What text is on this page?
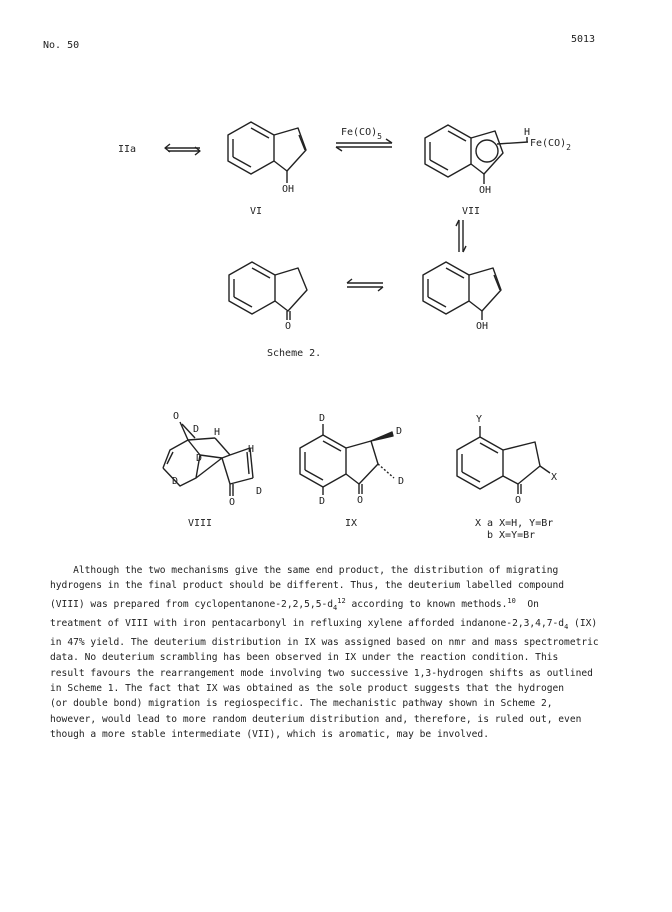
No. 50
5013
IIa
OH
VI
$Fe(CO)_5$	H
$Fe(CO)_2$
OH
VII
O	OH
Scheme 2.
O
D H
H
D
D
O
D
VIII
D
D
D
D	O
IX
Y
X
O
X a X=H, Y=Br
b X=Y=Br
Although the two mechanisms give the same end product, the distribution of migrating
hydrogens in the final product should be different. Thus, the deuterium labelled compound
(VIII) was prepared from cyclopentanone-$2,2,5,5-d_4^{12}$ according to known methods.$^{10}$  On
treatment of VIII with iron pentacarbonyl in refluxing xylene afforded indanone-$2,3,4,7-d_4$ (IX)
in 47% yield. The deuterium distribution in IX was assigned based on nmr and mass spectrometric
data. No deuterium scrambling has been observed in IX under the reaction condition. This
result favours the rearrangement mode involving two successive 1,3-hydrogen shifts as outlined
in Scheme 1. The fact that IX was obtained as the sole product suggests that the hydrogen
(or double bond) migration is regiospecific. The mechanistic pathway shown in Scheme 2,
however, would lead to more random deuterium distribution and, therefore, is ruled out, even
though a more stable intermediate (VII), which is aromatic, may be involved.
